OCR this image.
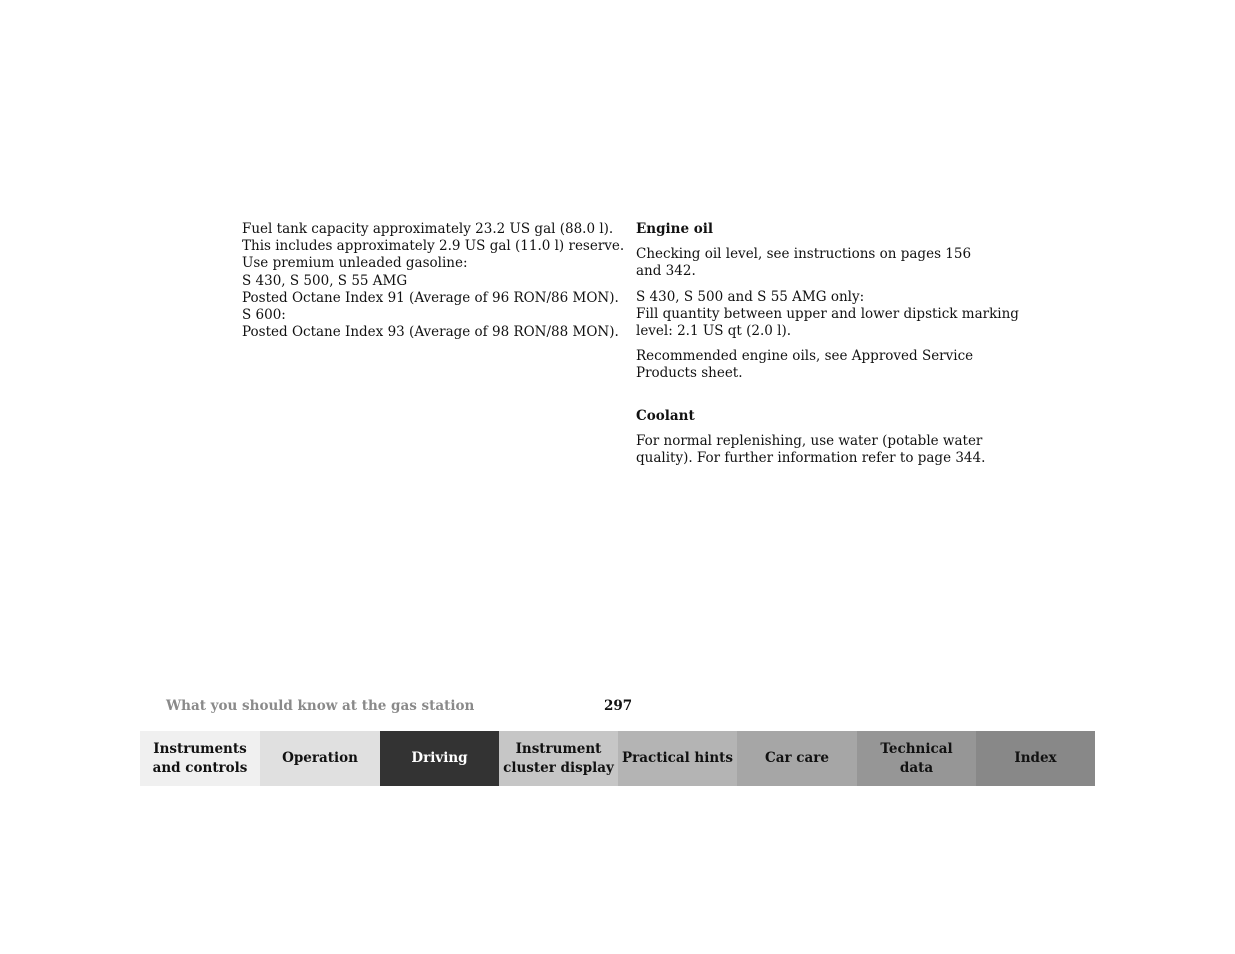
Fuel tank capacity approximately 23.2 US gal (88.0 l).
This includes approximately 2.9 US gal (11.0 l) reserve.
Use premium unleaded gasoline:
S 430, S 500, S 55 AMG
Posted Octane Index 91 (Average of 96 RON/86 MON).
S 600:
Posted Octane Index 93 (Average of 98 RON/88 MON).
Engine oil
Checking oil level, see instructions on pages 156
and 342.
S 430, S 500 and S 55 AMG only:
Fill quantity between upper and lower dipstick marking
level: 2.1 US qt (2.0 l).
Recommended engine oils, see Approved Service
Products sheet.
Coolant
For normal replenishing, use water (potable water
quality). For further information refer to page 344.
What you should know at the gas station	297
Instruments
and controls
Operation	Driving
Instrument
cluster display
Practical hints Car care
Technical
data
Index
